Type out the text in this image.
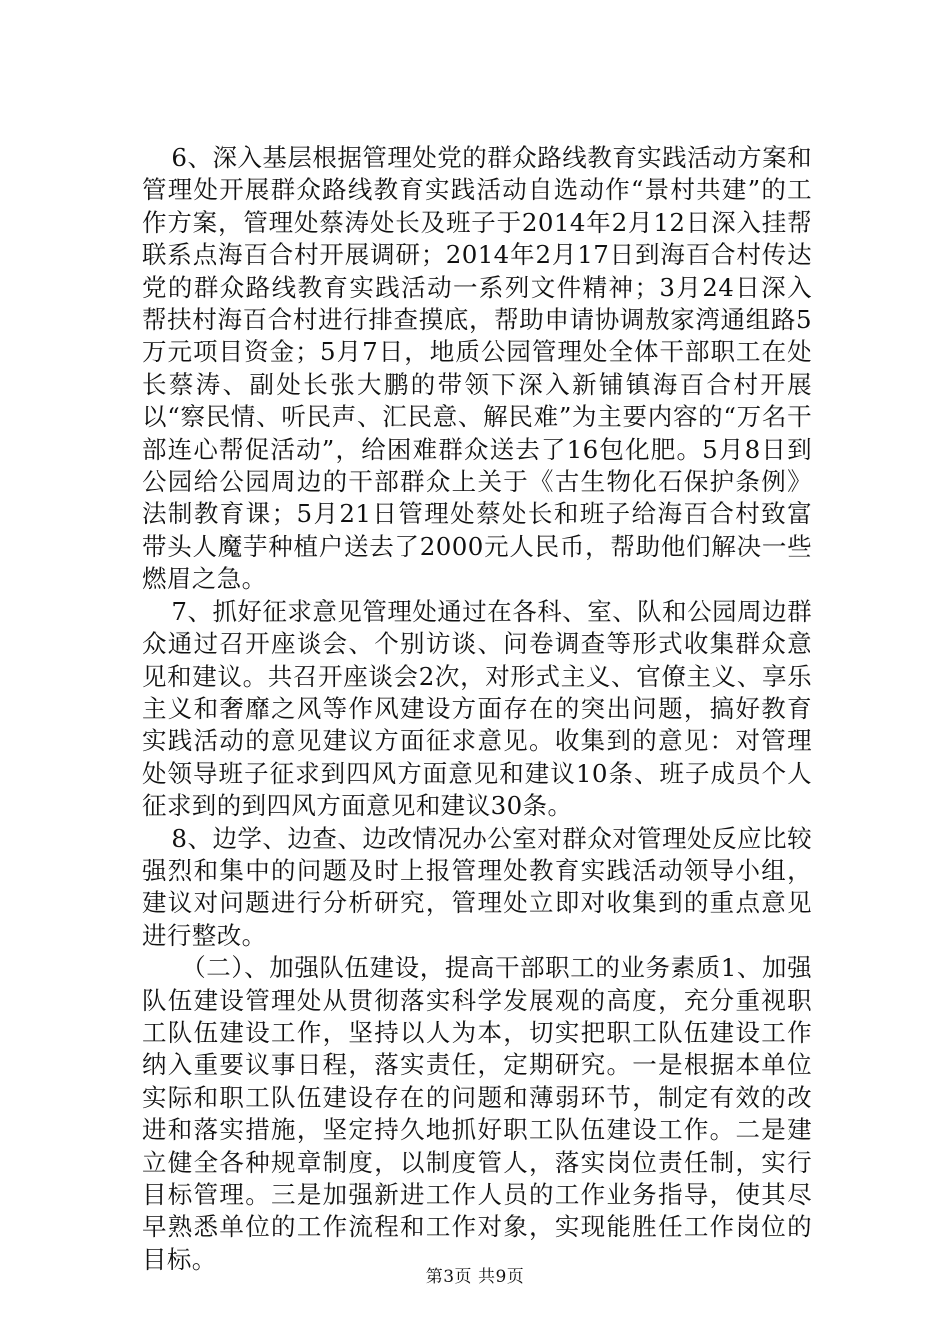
6、深入基层根据管理处党的群众路线教育实践活动方案和管理处开展群众路线教育实践活动自选动作“景村共建”的工作方案，管理处蔡涛处长及班子于2014年2月12日深入挂帮联系点海百合村开展调研；2014年2月17日到海百合村传达党的群众路线教育实践活动一系列文件精神；3月24日深入帮扶村海百合村进行排查摸底，帮助申请协调敖家湾通组路5万元项目资金；5月7日，地质公园管理处全体干部职工在处长蔡涛、副处长张大鹏的带领下深入新铺镇海百合村开展以“察民情、听民声、汇民意、解民难”为主要内容的“万名干部连心帮促活动”，给困难群众送去了16包化肥。5月8日到公园给公园周边的干部群众上关于《古生物化石保护条例》法制教育课；5月21日管理处蔡处长和班子给海百合村致富带头人魔芋种植户送去了2000元人民币，帮助他们解决一些燃眉之急。

7、抓好征求意见管理处通过在各科、室、队和公园周边群众通过召开座谈会、个别访谈、问卷调查等形式收集群众意见和建议。共召开座谈会2次，对形式主义、官僚主义、享乐主义和奢靡之风等作风建设方面存在的突出问题，搞好教育实践活动的意见建议方面征求意见。收集到的意见：对管理处领导班子征求到四风方面意见和建议10条、班子成员个人征求到的到四风方面意见和建议30条。

8、边学、边查、边改情况办公室对群众对管理处反应比较强烈和集中的问题及时上报管理处教育实践活动领导小组，建议对问题进行分析研究，管理处立即对收集到的重点意见进行整改。

（二）、加强队伍建设，提高干部职工的业务素质1、加强队伍建设管理处从贯彻落实科学发展观的高度，充分重视职工队伍建设工作，坚持以人为本，切实把职工队伍建设工作纳入重要议事日程，落实责任，定期研究。一是根据本单位实际和职工队伍建设存在的问题和薄弱环节，制定有效的改进和落实措施，坚定持久地抓好职工队伍建设工作。二是建立健全各种规章制度，以制度管人，落实岗位责任制，实行目标管理。三是加强新进工作人员的工作业务指导，使其尽早熟悉单位的工作流程和工作对象，实现能胜任工作岗位的目标。

第3页 共9页
